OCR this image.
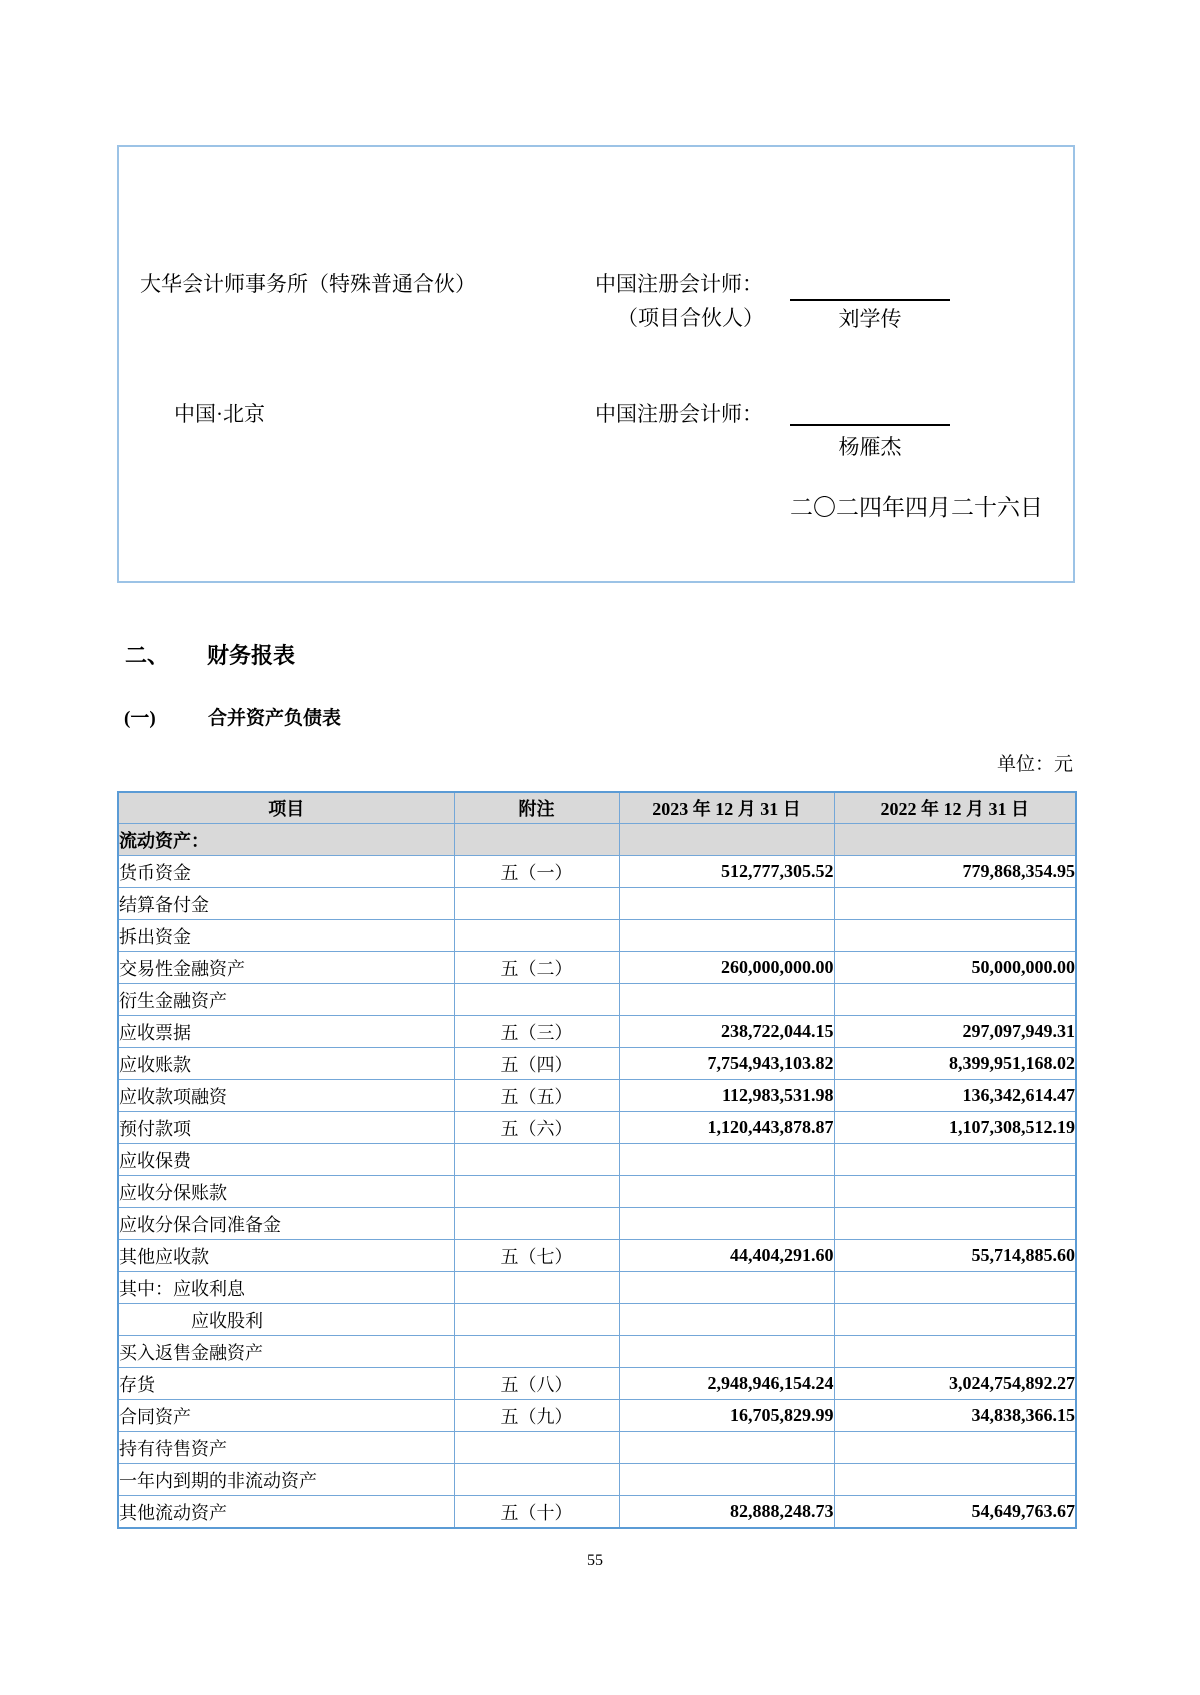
大华会计师事务所（特殊普通合伙）	中国注册会计师：
（项目合伙人）	刘学传
中国·北京	中国注册会计师：
杨雁杰
二〇二四年四月二十六日
二、 财务报表
(一)	合并资产负债表
单位：元
项目	附注	2023 年 12 月 31 日	2022 年 12 月 31 日
流动资产：			
货币资金	五（一）	512,777,305.52	779,868,354.95
结算备付金			
拆出资金			
交易性金融资产	五（二）	260,000,000.00	50,000,000.00
衍生金融资产			
应收票据	五（三）	238,722,044.15	297,097,949.31
应收账款	五（四）	7,754,943,103.82	8,399,951,168.02
应收款项融资	五（五）	112,983,531.98	136,342,614.47
预付款项	五（六）	1,120,443,878.87	1,107,308,512.19
应收保费			
应收分保账款			
应收分保合同准备金			
其他应收款	五（七）	44,404,291.60	55,714,885.60
其中：应收利息			
应收股利			
买入返售金融资产			
存货	五（八）	2,948,946,154.24	3,024,754,892.27
合同资产	五（九）	16,705,829.99	34,838,366.15
持有待售资产			
一年内到期的非流动资产			
其他流动资产	五（十）	82,888,248.73	54,649,763.67
55
